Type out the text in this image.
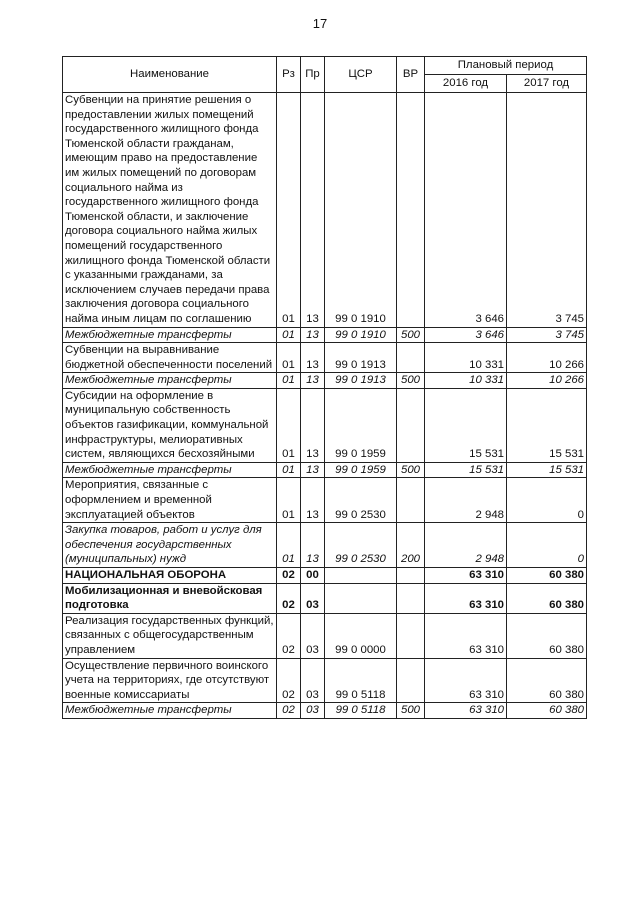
17
Наименование	Рз	Пр	ЦСР	ВР	Плановый период	
					2016 год	2017 год
Субвенции на принятие решения о предоставлении жилых помещений государственного жилищного фонда Тюменской области гражданам, имеющим право на предоставление им жилых помещений по договорам социального найма из государственного жилищного фонда Тюменской области, и заключение договора социального найма жилых помещений государственного жилищного фонда Тюменской области с указанными гражданами, за исключением случаев передачи права заключения договора социального найма иным лицам по соглашению	01	13	99 0 1910		3 646	3 745
Межбюджетные трансферты	01	13	99 0 1910	500	3 646	3 745
Субвенции на выравнивание бюджетной обеспеченности поселений	01	13	99 0 1913		10 331	10 266
Межбюджетные трансферты	01	13	99 0 1913	500	10 331	10 266
Субсидии на оформление в муниципальную собственность объектов газификации, коммунальной инфраструктуры, мелиоративных систем, являющихся бесхозяйными	01	13	99 0 1959		15 531	15 531
Межбюджетные трансферты	01	13	99 0 1959	500	15 531	15 531
Мероприятия, связанные с оформлением и временной эксплуатацией объектов	01	13	99 0 2530		2 948	0
Закупка товаров, работ и услуг для обеспечения государственных (муниципальных) нужд	01	13	99 0 2530	200	2 948	0
НАЦИОНАЛЬНАЯ ОБОРОНА	02	00			63 310	60 380
Мобилизационная и вневойсковая подготовка	02	03			63 310	60 380
Реализация государственных функций, связанных с общегосударственным управлением	02	03	99 0 0000		63 310	60 380
Осуществление первичного воинского учета на территориях, где отсутствуют военные комиссариаты	02	03	99 0 5118		63 310	60 380
Межбюджетные трансферты	02	03	99 0 5118	500	63 310	60 380
